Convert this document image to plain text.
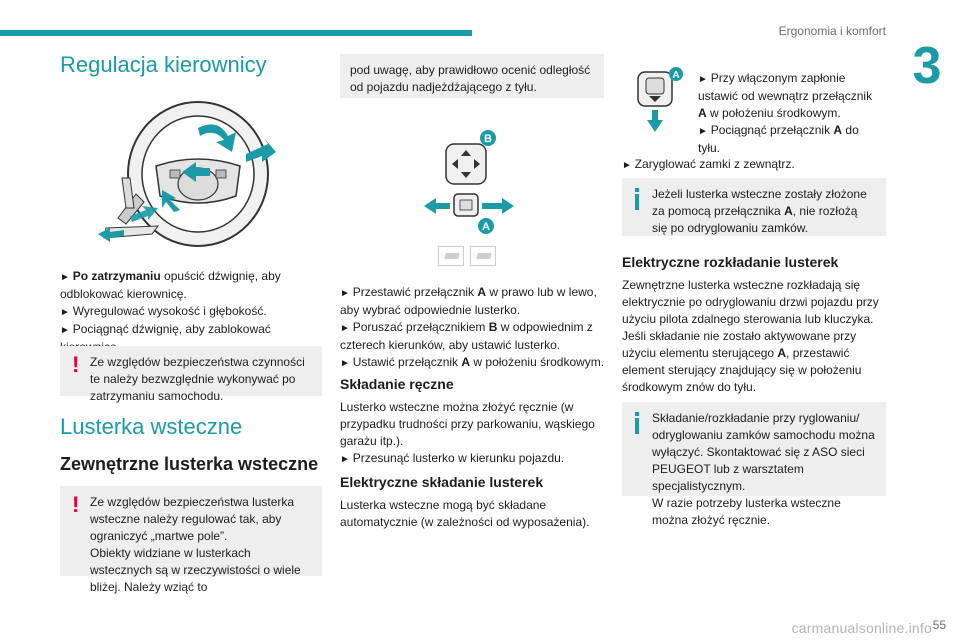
Ergonomia i komfort
3
Regulacja kierownicy

► Po zatrzymaniu opuścić dźwignię, aby odblokować kierownicę.

► Wyregulować wysokość i głębokość.

► Pociągnąć dźwignię, aby zablokować

! Ze względów bezpieczeństwa czynności te należy bezwzględnie wykonywać po zatrzymaniu samochodu.
Lusterka wsteczne
Zewnętrzne lusterka wsteczne
! Ze względów bezpieczeństwa lusterka wsteczne należy regulować tak, aby ograniczyć „martwe pole”.
Obiekty widziane w lusterkach wstecznych są w rzeczywistości o wiele bliżej. Należy wziąć to
pod uwagę, aby prawidłowo ocenić odległość od pojazdu nadjeżdżającego z tyłu.
B
A

► Przestawić przełącznik A w prawo lub w lewo, aby wybrać odpowiednie lusterko.

► Poruszać przełącznikiem B w odpowiednim z czterech kierunków, aby ustawić lusterko.

► Ustawić przełącznik A w położeniu środkowym.

Składanie ręczne

Lusterko wsteczne można złożyć ręcznie (w przypadku trudności przy parkowaniu, wąskiego garażu itp.).

► Przesunąć lusterko w kierunku pojazdu.

Elektryczne składanie lusterek

Lusterka wsteczne mogą być składane automatycznie (w zależności od wyposażenia).

A ► Przy włączonym zapłonie ustawić od wewnątrz przełącznik A w położeniu środkowym.

► Pociągnąć przełącznik A do tyłu.

► Zaryglować zamki z zewnątrz.

Jeżeli lusterka wsteczne zostały złożone za pomocą przełącznika A, nie rozłożą się po odryglowaniu zamków.
Elektryczne rozkładanie lusterek

Zewnętrzne lusterka wsteczne rozkładają się elektrycznie po odryglowaniu drzwi pojazdu przy użyciu pilota zdalnego sterowania lub kluczyka. Jeśli składanie nie zostało aktywowane przy użyciu elementu sterującego A, przestawić element sterujący znajdujący się w położeniu środkowym znów do tyłu.

Składanie/rozkładanie przy ryglowaniu/ odryglowaniu zamków samochodu można wyłączyć. Skontaktować się z ASO sieci PEUGEOT lub z warsztatem specjalistycznym.
W razie potrzeby lusterka wsteczne można złożyć ręcznie.
carmanualsonline.info 55
